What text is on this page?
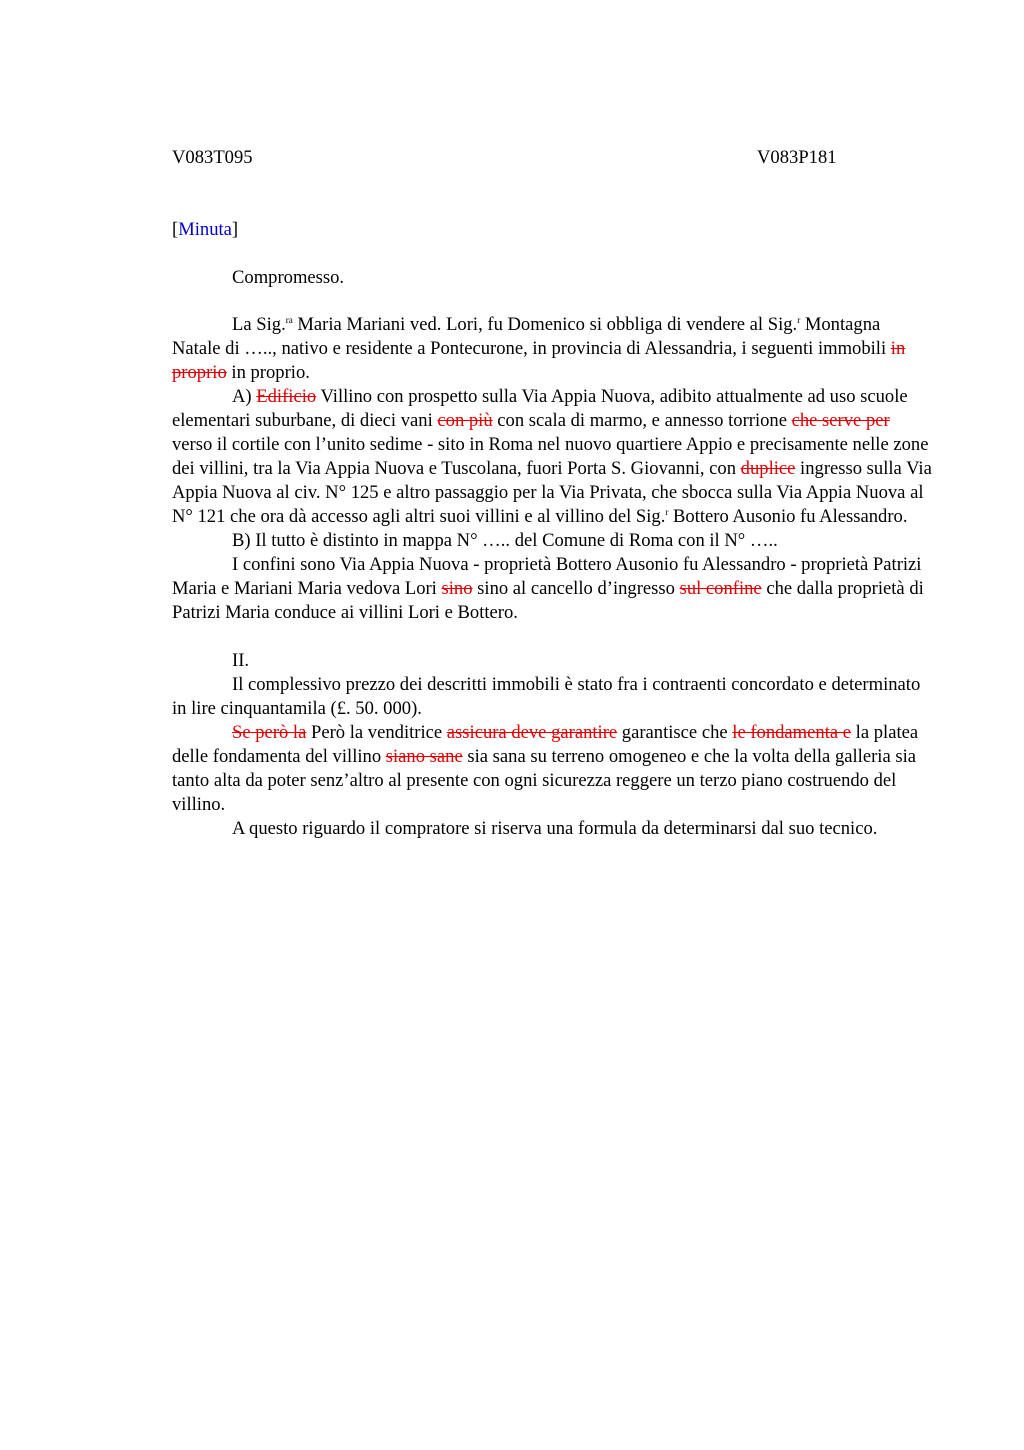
V083T095	V083P181
[Minuta]
Compromesso.

La Sig.$^{ra}$ Maria Mariani ved. Lori, fu Domenico si obbliga di vendere al Sig.$^r$ Montagna Natale di ….., nativo e residente a Pontecurone, in provincia di Alessandria, i seguenti immobili in proprio in proprio.

A) Edificio Villino con prospetto sulla Via Appia Nuova, adibito attualmente ad uso scuole elementari suburbane, di dieci vani con più con scala di marmo, e annesso torrione che serve per verso il cortile con l’unito sedime - sito in Roma nel nuovo quartiere Appio e precisamente nelle zone dei villini, tra la Via Appia Nuova e Tuscolana, fuori Porta S. Giovanni, con duplice ingresso sulla Via Appia Nuova al civ. N° 125 e altro passaggio per la Via Privata, che sbocca sulla Via Appia Nuova al N° 121 che ora dà accesso agli altri suoi villini e al villino del Sig.$^r$ Bottero Ausonio fu Alessandro.

B) Il tutto è distinto in mappa N° ….. del Comune di Roma con il N° …..

I confini sono Via Appia Nuova - proprietà Bottero Ausonio fu Alessandro - proprietà Patrizi Maria e Mariani Maria vedova Lori sino sino al cancello d’ingresso sul confine che dalla proprietà di Patrizi Maria conduce ai villini Lori e Bottero.

II.

Il complessivo prezzo dei descritti immobili è stato fra i contraenti concordato e determinato in lire cinquantamila (£. 50. 000).

Se però la Però la venditrice assicura deve garantire garantisce che le fondamenta e la platea delle fondamenta del villino siano sane sia sana su terreno omogeneo e che la volta della galleria sia tanto alta da poter senz’altro al presente con ogni sicurezza reggere un terzo piano costruendo del villino.

A questo riguardo il compratore si riserva una formula da determinarsi dal suo tecnico.
